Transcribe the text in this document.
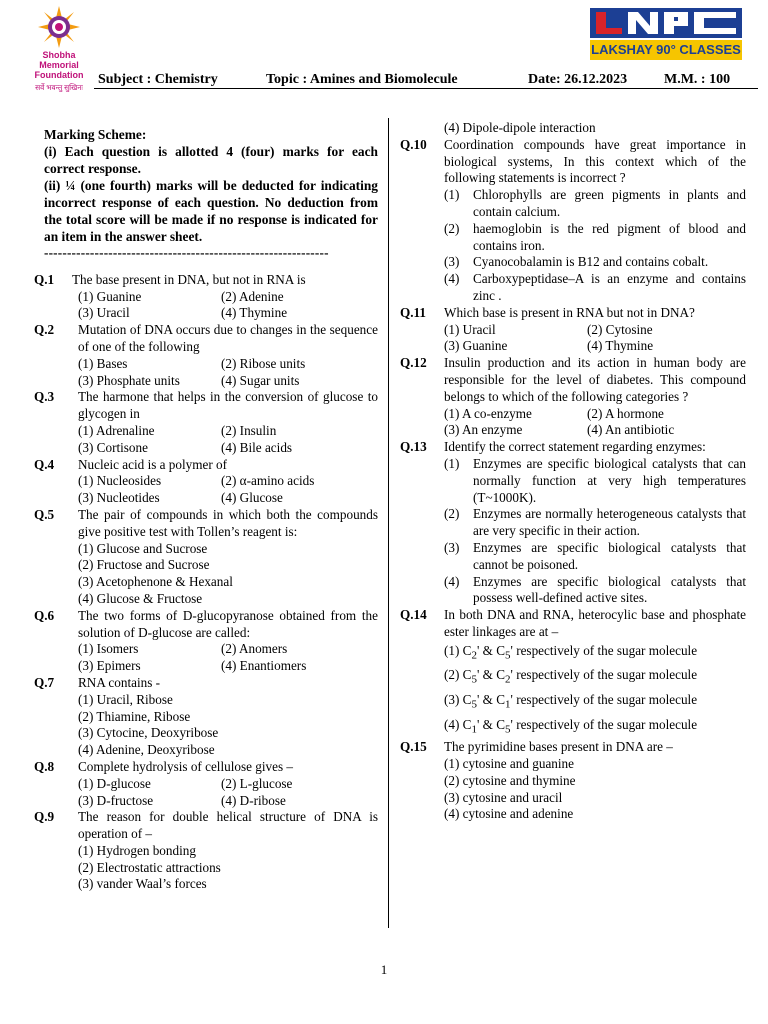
Shobha
Memorial
Foundation
सर्वे भवन्तु सुखिनः
LAKSHAY 90° CLASSES
Subject : Chemistry	Topic : Amines and Biomolecule	Date: 26.12.2023	M.M. : 100
Marking Scheme:
(i) Each question is allotted 4 (four) marks for each correct response.
(ii) ¼ (one fourth) marks will be deducted for indicating incorrect response of each question. No deduction from the total score will be made if no response is indicated for an item in the answer sheet.
--------------------------------------------------------------
Q.1	The base present in DNA, but not in RNA is
(1) Guanine	(2) Adenine
(3) Uracil	(4) Thymine
Q.2	Mutation of DNA occurs due to changes in the sequence of one of the following
(1) Bases	(2) Ribose units
(3) Phosphate units	(4) Sugar units
Q.3	The harmone that helps in the conversion of glucose to glycogen in
(1) Adrenaline	(2) Insulin
(3) Cortisone	(4) Bile acids
Q.4	Nucleic acid is a polymer of
(1) Nucleosides	(2) α-amino acids
(3) Nucleotides	(4) Glucose
Q.5	The pair of compounds in which both the compounds give positive test with Tollen’s reagent is:
(1) Glucose and Sucrose
(2) Fructose and Sucrose
(3) Acetophenone & Hexanal
(4) Glucose & Fructose
Q.6	The two forms of D-glucopyranose obtained from the solution of D-glucose are called:
(1) Isomers	(2) Anomers
(3) Epimers	(4) Enantiomers
Q.7	RNA contains -
(1) Uracil, Ribose
(2) Thiamine, Ribose
(3) Cytocine, Deoxyribose
(4) Adenine, Deoxyribose
Q.8	Complete hydrolysis of cellulose gives –
(1) D-glucose	(2) L-glucose
(3) D-fructose	(4) D-ribose
Q.9	The reason for double helical structure of DNA is operation of –
(1) Hydrogen bonding
(2) Electrostatic attractions
(3) vander Waal’s forces
(4) Dipole-dipole interaction
Q.10	Coordination compounds have great importance in biological systems, In this context which of the following statements is incorrect ?
(1)	Chlorophylls are green pigments in plants and contain calcium.
(2)	haemoglobin is the red pigment of blood and contains iron.
(3)	Cyanocobalamin is B12 and contains cobalt.
(4)	Carboxypeptidase–A is an enzyme and contains zinc .
Q.11	Which base is present in RNA but not in DNA?
(1) Uracil	(2) Cytosine
(3) Guanine	(4) Thymine
Q.12	Insulin production and its action in human body are responsible for the level of diabetes. This compound belongs to which of the following categories ?
(1) A co-enzyme	(2) A hormone
(3) An enzyme	(4) An antibiotic
Q.13	Identify the correct statement regarding enzymes:
(1)	Enzymes are specific biological catalysts that can normally function at very high temperatures (T~1000K).
(2)	Enzymes are normally heterogeneous catalysts that are very specific in their action.
(3)	Enzymes are specific biological catalysts that cannot be poisoned.
(4)	Enzymes are specific biological catalysts that possess well-defined active sites.
Q.14	In both DNA and RNA, heterocylic base and phosphate ester linkages are at –
(1) $C_2'$ & $C_5'$ respectively of the sugar molecule
(2) $C_5'$ & $C_2'$ respectively of the sugar molecule
(3) $C_5'$ & $C_1'$ respectively of the sugar molecule
(4) $C_1'$ & $C_5'$ respectively of the sugar molecule
Q.15	The pyrimidine bases present in DNA are –
(1) cytosine and guanine
(2) cytosine and thymine
(3) cytosine and uracil
(4) cytosine and adenine
1
